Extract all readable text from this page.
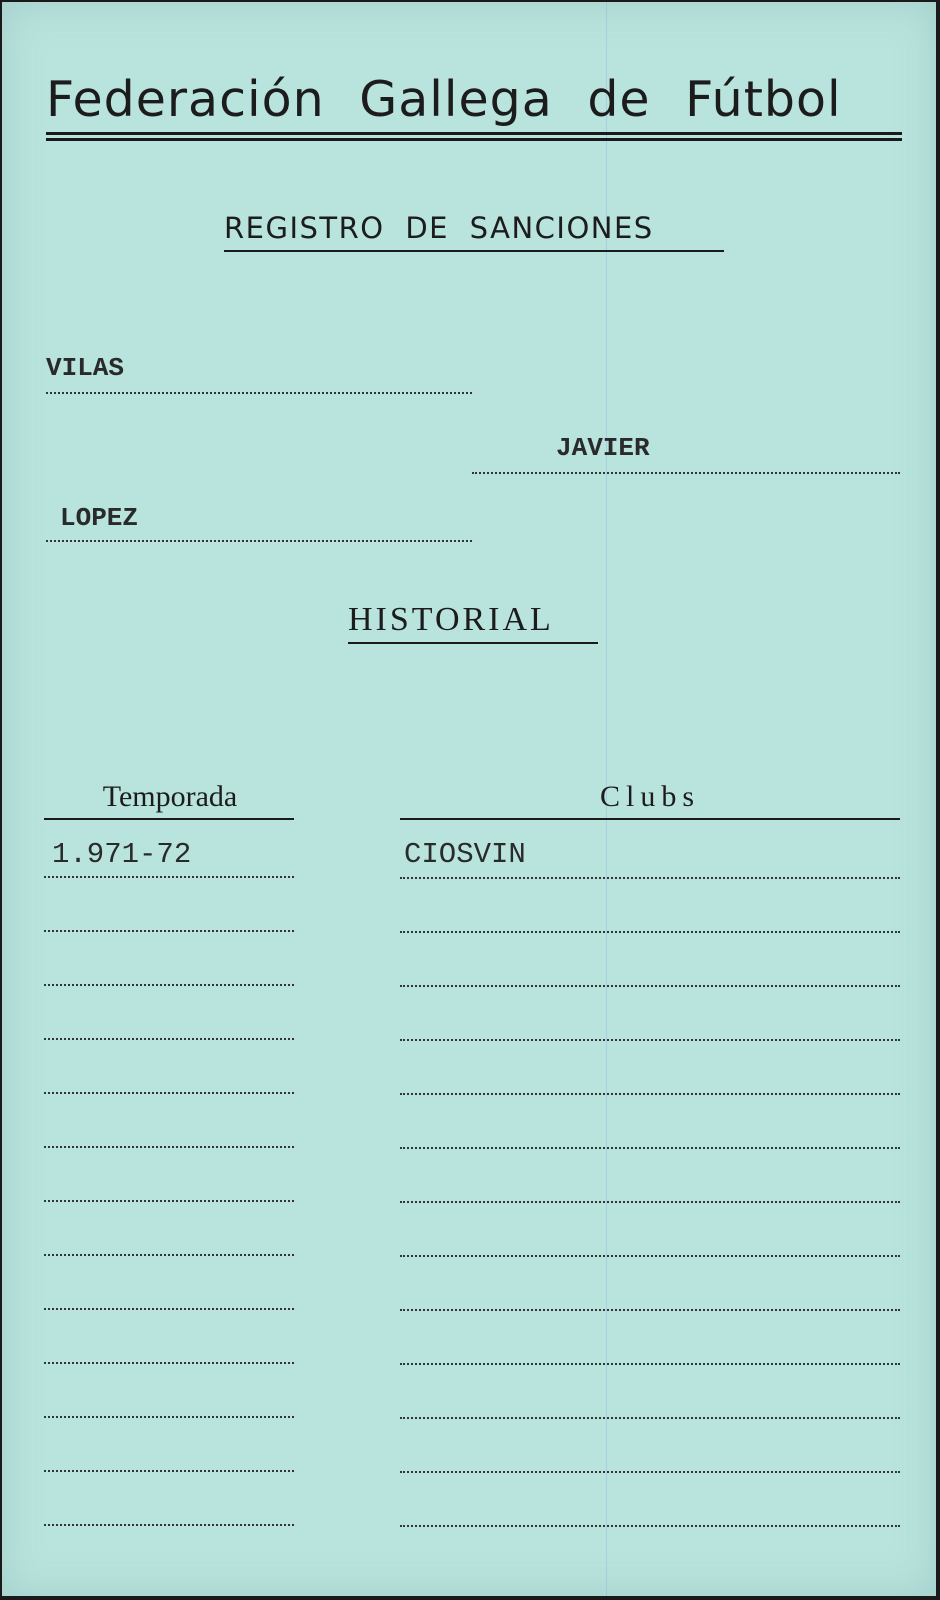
Federación Gallega de Fútbol
REGISTRO DE SANCIONES
VILAS
JAVIER
LOPEZ
HISTORIAL
Temporada	Clubs
1.971-72	CIOSVIN
